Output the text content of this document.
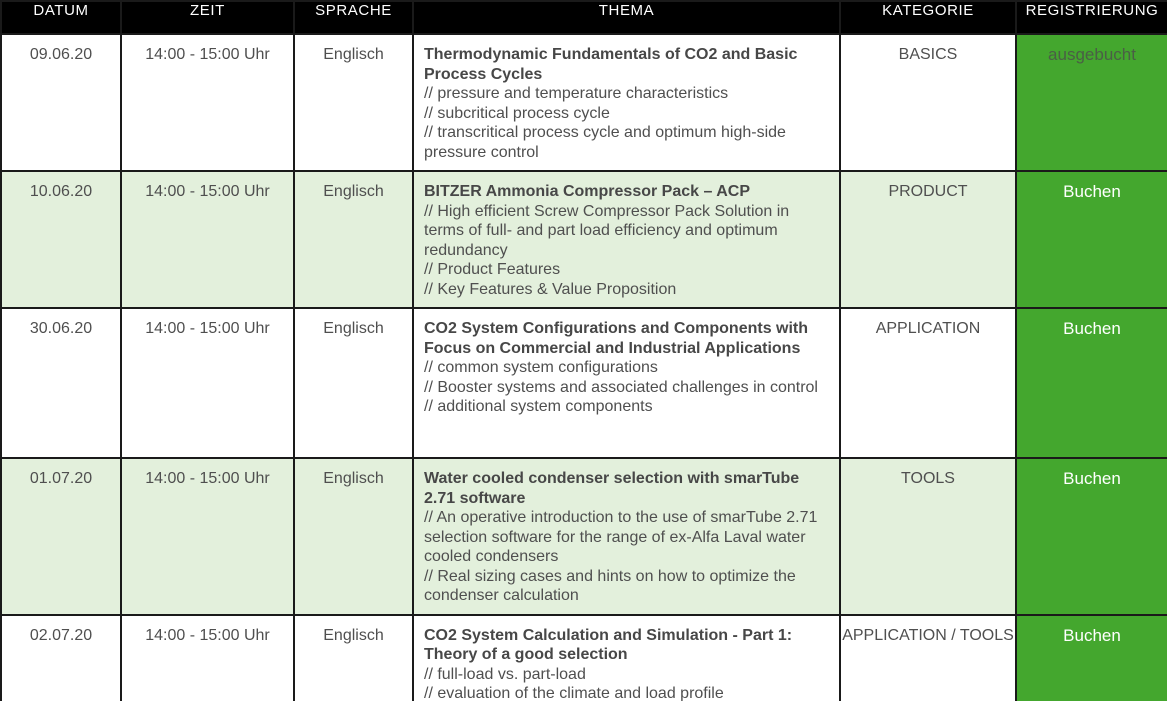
DATUM	ZEIT	SPRACHE	THEMA	KATEGORIE	REGISTRIERUNG
09.06.20	14:00 - 15:00 Uhr	Englisch	Thermodynamic Fundamentals of CO2 and Basic Process Cycles
// pressure and temperature characteristics
// subcritical process cycle
// transcritical process cycle and optimum high-side pressure control	BASICS	ausgebucht
10.06.20	14:00 - 15:00 Uhr	Englisch	BITZER Ammonia Compressor Pack – ACP
// High efficient Screw Compressor Pack Solution in terms of full- and part load efficiency and optimum redundancy
// Product Features
// Key Features & Value Proposition	PRODUCT	Buchen
30.06.20	14:00 - 15:00 Uhr	Englisch	CO2 System Configurations and Components with Focus on Commercial and Industrial Applications
// common system configurations
// Booster systems and associated challenges in control
// additional system components	APPLICATION	Buchen
01.07.20	14:00 - 15:00 Uhr	Englisch	Water cooled condenser selection with smarTube 2.71 software
// An operative introduction to the use of smarTube 2.71 selection software for the range of ex-Alfa Laval water cooled condensers
// Real sizing cases and hints on how to optimize the condenser calculation	TOOLS	Buchen
02.07.20	14:00 - 15:00 Uhr	Englisch	CO2 System Calculation and Simulation - Part 1: Theory of a good selection
// full-load vs. part-load
// evaluation of the climate and load profile	APPLICATION / TOOLS	Buchen
